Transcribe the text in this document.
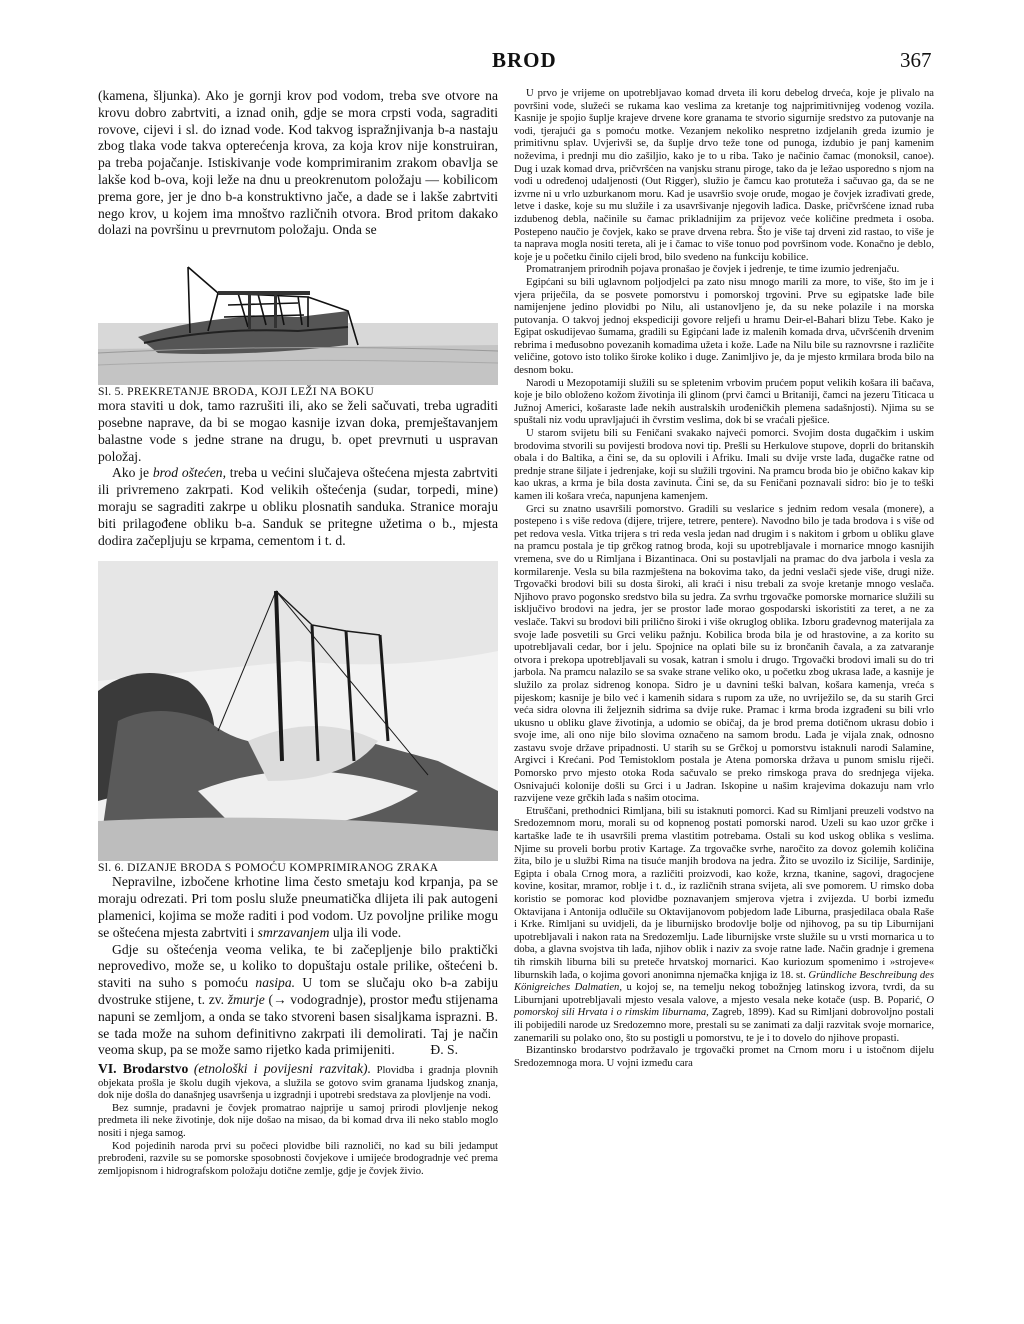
BROD	367

(kamena, šljunka). Ako je gornji krov pod vodom, treba sve otvore na krovu dobro zabrtviti, a iznad onih, gdje se mora crpsti voda, sagraditi rovove, cijevi i sl. do iznad vode. Kod takvog ispražnjivanja b-a nastaju zbog tlaka vode takva opterećenja krova, za koja krov nije konstruiran, pa treba pojačanje. Istiskivanje vode komprimiranim zrakom obavlja se lakše kod b-ova, koji leže na dnu u preokrenutom položaju — kobilicom prema gore, jer je dno b-a konstruktivno jače, a dade se i lakše zabrtviti nego krov, u kojem ima mnoštvo različnih otvora. Brod pritom dakako dolazi na površinu u prevrnutom položaju. Onda se

Sl. 5. PREKRETANJE BRODA, KOJI LEŽI NA BOKU

mora staviti u dok, tamo razrušiti ili, ako se želi sačuvati, treba ugraditi posebne naprave, da bi se mogao kasnije izvan doka, premještavanjem balastne vode s jedne strane na drugu, b. opet prevrnuti u uspravan položaj.

Ako je brod oštećen, treba u većini slučajeva oštećena mjesta zabrtviti ili privremeno zakrpati. Kod velikih oštećenja (sudar, torpedi, mine) moraju se sagraditi zakrpe u obliku plosnatih sanduka. Stranice moraju biti prilagođene obliku b-a. Sanduk se pritegne užetima o b., mjesta dodira začepljuju se krpama, cementom i t. d.

Sl. 6. DIZANJE BRODA S POMOĆU KOMPRIMIRANOG ZRAKA

Nepravilne, izbočene krhotine lima često smetaju kod krpanja, pa se moraju odrezati. Pri tom poslu služe pneumatička dlijeta ili pak autogeni plamenici, kojima se može raditi i pod vodom. Uz povoljne prilike mogu se oštećena mjesta zabrtviti i smrzavanjem ulja ili vode.

Gdje su oštećenja veoma velika, te bi začepljenje bilo praktički neprovedivo, može se, u koliko to dopuštaju ostale prilike, oštećeni b. staviti na suho s pomoću nasipa. U tom se slučaju oko b-a zabiju dvostruke stijene, t. zv. žmurje (→ vodogradnje), prostor među stijenama napuni se zemljom, a onda se tako stvoreni basen sisaljkama isprazni. B. se tada može na suhom definitivno zakrpati ili demolirati. Taj je način veoma skup, pa se može samo rijetko kada primijeniti.	Đ. S.

VI. Brodarstvo (etnološki i povijesni razvitak). Plovidba i gradnja plovnih objekata prošla je školu dugih vjekova, a služila se gotovo svim granama ljudskog znanja, dok nije došla do današnjeg usavršenja u izgradnji i upotrebi sredstava za plovljenje na vodi.

Bez sumnje, pradavni je čovjek promatrao najprije u samoj prirodi plovljenje nekog predmeta ili neke životinje, dok nije došao na misao, da bi komad drva ili neko stablo moglo nositi i njega samog.

Kod pojedinih naroda prvi su počeci plovidbe bili raznoliči, no kad su bili jedamput prebrođeni, razvile su se pomorske sposobnosti čovjekove i umijeće brodogradnje već prema zemljopisnom i hidrografskom položaju dotične zemlje, gdje je čovjek živio.

U prvo je vrijeme on upotrebljavao komad drveta ili koru debelog drveća, koje je plivalo na površini vode, služeći se rukama kao veslima za kretanje tog najprimitivnijeg vodenog vozila. Kasnije je spojio šuplje krajeve drvene kore granama te stvorio sigurnije sredstvo za putovanje na vodi, tjerajući ga s pomoću motke. Vezanjem nekoliko nespretno izdjelanih greda izumio je primitivnu splav. Uvjerivši se, da šuplje drvo teže tone od punoga, izdubio je panj kamenim noževima, i prednji mu dio zašiljio, kako je to u riba. Tako je načinio čamac (monoksil, canoe). Dug i uzak komad drva, pričvršćen na vanjsku stranu piroge, tako da je ležao usporedno s njom na vodi u određenoj udaljenosti (Out Rigger), služio je čamcu kao protuteža i sačuvao ga, da se ne izvrne ni u vrlo uzburkanom moru. Kad je usavršio svoje oruđe, mogao je čovjek izrađivati grede, letve i daske, koje su mu služile i za usavršivanje njegovih lađica. Daske, pričvršćene iznad ruba izdubenog debla, načinile su čamac prikladnijim za prijevoz veće količine predmeta i osoba. Postepeno naučio je čovjek, kako se prave drvena rebra. Što je više taj drveni zid rastao, to više je ta naprava mogla nositi tereta, ali je i čamac to više tonuo pod površinom vode. Konačno je deblo, koje je u početku činilo cijeli brod, bilo svedeno na funkciju kobilice.

Promatranjem prirodnih pojava pronašao je čovjek i jedrenje, te time izumio jedrenjaču.

Egipćani su bili uglavnom poljodjelci pa zato nisu mnogo marili za more, to više, što im je i vjera priječila, da se posvete pomorstvu i pomorskoj trgovini. Prve su egipatske lađe bile namijenjene jedino plovidbi po Nilu, ali ustanovljeno je, da su neke polazile i na morska putovanja. O takvoj jednoj ekspediciji govore reljefi u hramu Deir-el-Bahari blizu Tebe. Kako je Egipat oskudijevao šumama, gradili su Egipćani lađe iz malenih komada drva, učvršćenih drvenim rebrima i međusobno povezanih komadima užeta i kože. Lađe na Nilu bile su raznovrsne i različite veličine, gotovo isto toliko široke koliko i duge. Zanimljivo je, da je mjesto krmilara broda bilo na desnom boku.

Narodi u Mezopotamiji služili su se spletenim vrbovim prućem poput velikih košara ili bačava, koje je bilo obloženo kožom životinja ili glinom (prvi čamci u Britaniji, čamci na jezeru Titicaca u Južnoj Americi, košaraste lađe nekih australskih urođeničkih plemena sadašnjosti). Njima su se spuštali niz vodu upravljajući ih čvrstim veslima, dok bi se vraćali pješice.

U starom svijetu bili su Feničani svakako najveći pomorci. Svojim dosta dugačkim i uskim brodovima stvorili su povijesti brodova novi tip. Prešli su Herkulove stupove, doprli do britanskih obala i do Baltika, a čini se, da su oplovili i Afriku. Imali su dvije vrste lađa, dugačke ratne od prednje strane šiljate i jedrenjake, koji su služili trgovini. Na pramcu broda bio je obično kakav kip kao ukras, a krma je bila dosta zavinuta. Čini se, da su Feničani poznavali sidro: bio je to teški kamen ili košara vreća, napunjena kamenjem.

Grci su znatno usavršili pomorstvo. Gradili su veslarice s jednim redom vesala (monere), a postepeno i s više redova (dijere, trijere, tetrere, pentere). Navodno bilo je tada brodova i s više od pet redova vesla. Vitka trijera s tri reda vesla jedan nad drugim i s nakitom i grbom u obliku glave na pramcu postala je tip grčkog ratnog broda, koji su upotrebljavale i mornarice mnogo kasnijih vremena, sve do u Rimljana i Bizantinaca. Oni su postavljali na pramac do dva jarbola i vesla za kormilarenje. Vesla su bila razmještena na bokovima tako, da jedni veslači sjede više, drugi niže. Trgovački brodovi bili su dosta široki, ali kraći i nisu trebali za svoje kretanje mnogo veslača. Njihovo pravo pogonsko sredstvo bila su jedra. Za svrhu trgovačke pomorske mornarice služili su isključivo brodovi na jedra, jer se prostor lađe morao gospodarski iskoristiti za teret, a ne za veslače. Takvi su brodovi bili prilično široki i više okruglog oblika. Izboru građevnog materijala za svoje lađe posvetili su Grci veliku pažnju. Kobilica broda bila je od hrastovine, a za korito su upotrebljavali cedar, bor i jelu. Spojnice na oplati bile su iz brončanih čavala, a za zatvaranje otvora i prekopa upotrebljavali su vosak, katran i smolu i drugo. Trgovački brodovi imali su do tri jarbola. Na pramcu nalazilo se sa svake strane veliko oko, u početku zbog ukrasa lađe, a kasnije je služilo za prolaz sidrenog konopa. Sidro je u davnini teški balvan, košara kamenja, vreća s pijeskom; kasnije je bilo već i kamenih sidara s rupom za uže, no uvriježilo se, da su starih Grci veća sidra olovna ili željeznih sidrima sa dvije ruke. Pramac i krma broda izgrađeni su bili vrlo ukusno u obliku glave životinja, a udomio se običaj, da je brod prema dotičnom ukrasu dobio i svoje ime, ali ono nije bilo slovima označeno na samom brodu. Lađa je vijala znak, odnosno zastavu svoje države pripadnosti. U starih su se Grčkoj u pomorstvu istaknuli narodi Salamine, Argivci i Krećani. Pod Temistoklom postala je Atena pomorska država u punom smislu riječi. Pomorsko prvo mjesto otoka Roda sačuvalo se preko rimskoga prava do srednjega vijeka. Osnivajući kolonije došli su Grci i u Jadran. Iskopine u našim krajevima dokazuju nam vrlo razvijene veze grčkih lađa s našim otocima.

Etruščani, prethodnici Rimljana, bili su istaknuti pomorci. Kad su Rimljani preuzeli vodstvo na Sredozemnom moru, morali su od kopnenog postati pomorski narod. Uzeli su kao uzor grčke i kartaške lađe te ih usavršili prema vlastitim potrebama. Ostali su kod uskog oblika s veslima. Njime su proveli borbu protiv Kartage. Za trgovačke svrhe, naročito za dovoz golemih količina žita, bilo je u službi Rima na tisuće manjih brodova na jedra. Žito se uvozilo iz Sicilije, Sardinije, Egipta i obala Crnog mora, a različiti proizvodi, kao kože, krzna, tkanine, sagovi, dragocjene kovine, kositar, mramor, roblje i t. d., iz različnih strana svijeta, ali sve pomorem. U rimsko doba koristio se pomorac kod plovidbe poznavanjem smjerova vjetra i zvijezda. U borbi između Oktavijana i Antonija odlučile su Oktavijanovom pobjedom lađe Liburna, prasjedilaca obala Raše i Krke. Rimljani su uvidjeli, da je liburnijsko brodovlje bolje od njihovog, pa su tip Liburnijani upotrebljavali i nakon rata na Sredozemlju. Lađe liburnijske vrste služile su u vrsti mornarica u to doba, a glavna svojstva tih lađa, njihov oblik i naziv za svoje ratne lađe. Način gradnje i gremena tih rimskih liburna bili su preteče hrvatskoj mornarici. Kao kuriozum spomenimo i »strojeve« liburnskih lađa, o kojima govori anonimna njemačka knjiga iz 18. st. Gründliche Beschreibung des Königreiches Dalmatien, u kojoj se, na temelju nekog tobožnjeg latinskog izvora, tvrdi, da su Liburnjani upotrebljavali mjesto vesala valove, a mjesto vesala neke kotače (usp. B. Poparić, O pomorskoj sili Hrvata i o rimskim liburnama, Zagreb, 1899). Kad su Rimljani dobrovoljno postali ili pobijedili narode uz Sredozemno more, prestali su se zanimati za dalji razvitak svoje mornarice, zanemarili su polako ono, što su postigli u pomorstvu, te je i to dovelo do njihove propasti.

Bizantinsko brodarstvo podržavalo je trgovački promet na Crnom moru i u istočnom dijelu Sredozemnoga mora. U vojni između cara
